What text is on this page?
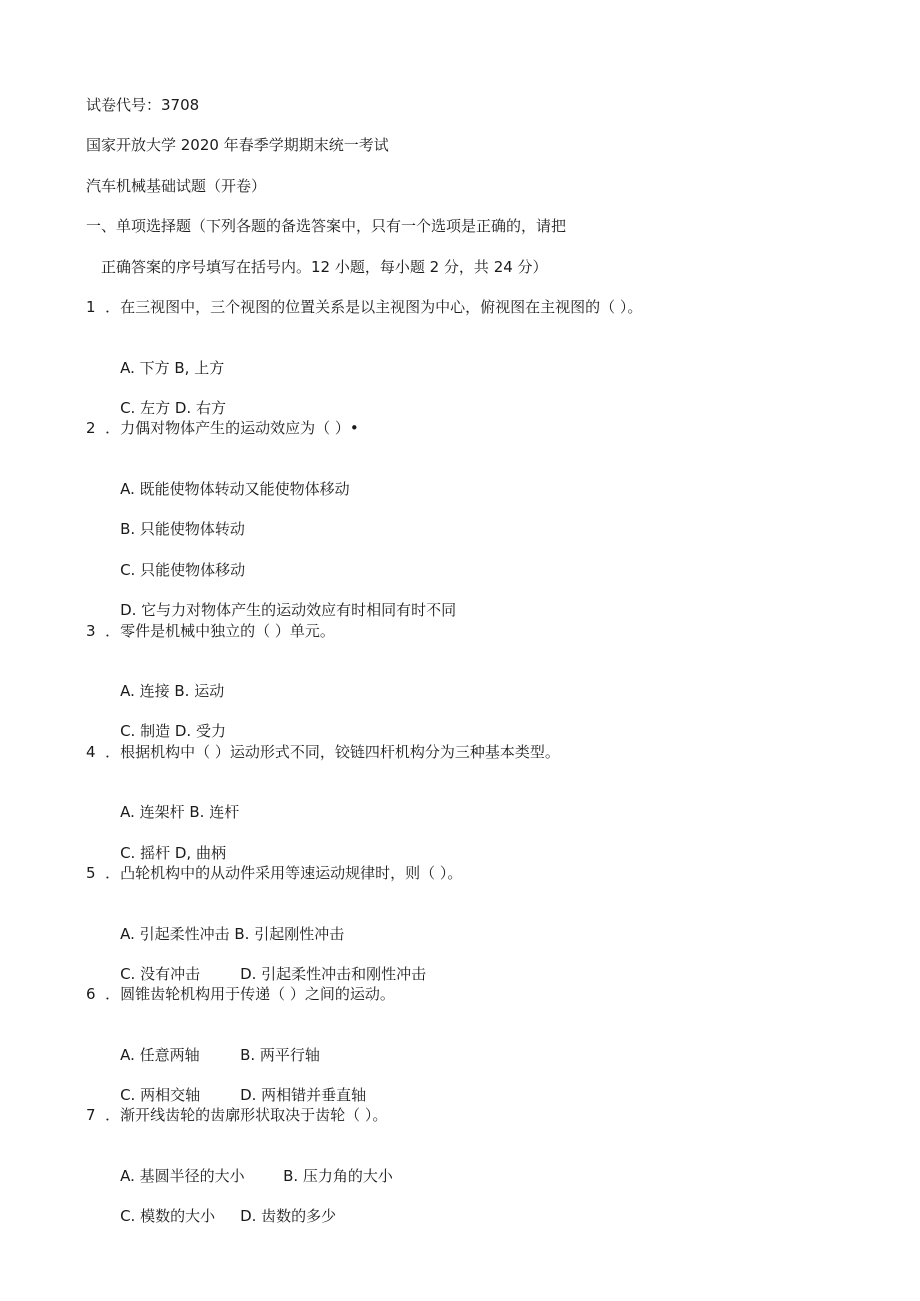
试卷代号：3708
国家开放大学 2020 年春季学期期末统一考试
汽车机械基础试题（开卷）
一、单项选择题（下列各题的备选答案中，只有一个选项是正确的，请把
正确答案的序号填写在括号内。12 小题，每小题 2 分，共 24 分）
1  ．在三视图中，三个视图的位置关系是以主视图为中心，俯视图在主视图的（ ）。

A. 下方 B, 上方

C. 左方 D. 右方

2  ．力偶对物体产生的运动效应为（ ）•

A. 既能使物体转动又能使物体移动

B. 只能使物体转动

C. 只能使物体移动

D. 它与力对物体产生的运动效应有时相同有时不同

3  ．零件是机械中独立的（ ）单元。

A. 连接 B. 运动

C. 制造 D. 受力

4  ．根据机构中（ ）运动形式不同，铰链四杆机构分为三种基本类型。

A. 连架杆 B. 连杆

C. 摇杆 D, 曲柄

5  ．凸轮机构中的从动件采用等速运动规律时，则（ ）。

A. 引起柔性冲击 B. 引起刚性冲击

C. 没有冲击	D. 引起柔性冲击和刚性冲击

6  ．圆锥齿轮机构用于传递（ ）之间的运动。

A. 任意两轴	B. 两平行轴

C. 两相交轴	D. 两相错并垂直轴

7  ．渐开线齿轮的齿廓形状取决于齿轮（ ）。

A. 基圆半径的大小	B. 压力角的大小

C. 模数的大小 D. 齿数的多少
